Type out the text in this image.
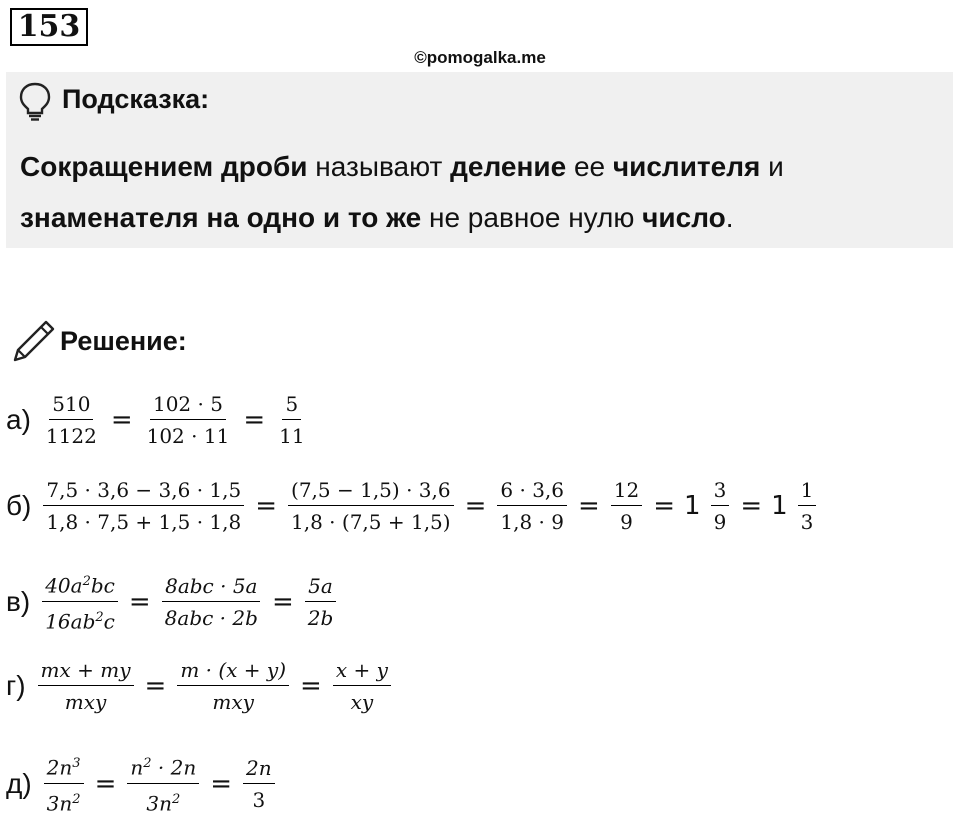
153
©pomogalka.me
Подсказка:
Сокращением дроби называют деление ее числителя и
знаменателя на одно и то же не равное нулю число.
Решение:
$а) \frac{510}{1122} = \frac{102 \cdot 5}{102 \cdot 11} = \frac{5}{11}$
$б) \frac{7,5 \cdot 3,6 - 3,6 \cdot 1,5}{1,8 \cdot 7,5 + 1,5 \cdot 1,8} = \frac{(7,5 - 1,5) \cdot 3,6}{1,8 \cdot (7,5 + 1,5)} = \frac{6 \cdot 3,6}{1,8 \cdot 9} = \frac{12}{9} = 1 \frac{3}{9} = 1 \frac{1}{3}$
$в) \frac{40a^2bc}{16ab^2c} = \frac{\text{8abc · 5a}}{\text{8abc · 2b}} = \frac{5a}{2b}$
$г) \frac{mx + my}{\text{mxy}} = \frac{m \cdot (x + y)}{\text{mxy}} = \frac{x + y}{xy}$
$д) \frac{2n^3}{3n^2} = \frac{n^2 \cdot 2n}{3n^2} = \frac{2n}{3}$
